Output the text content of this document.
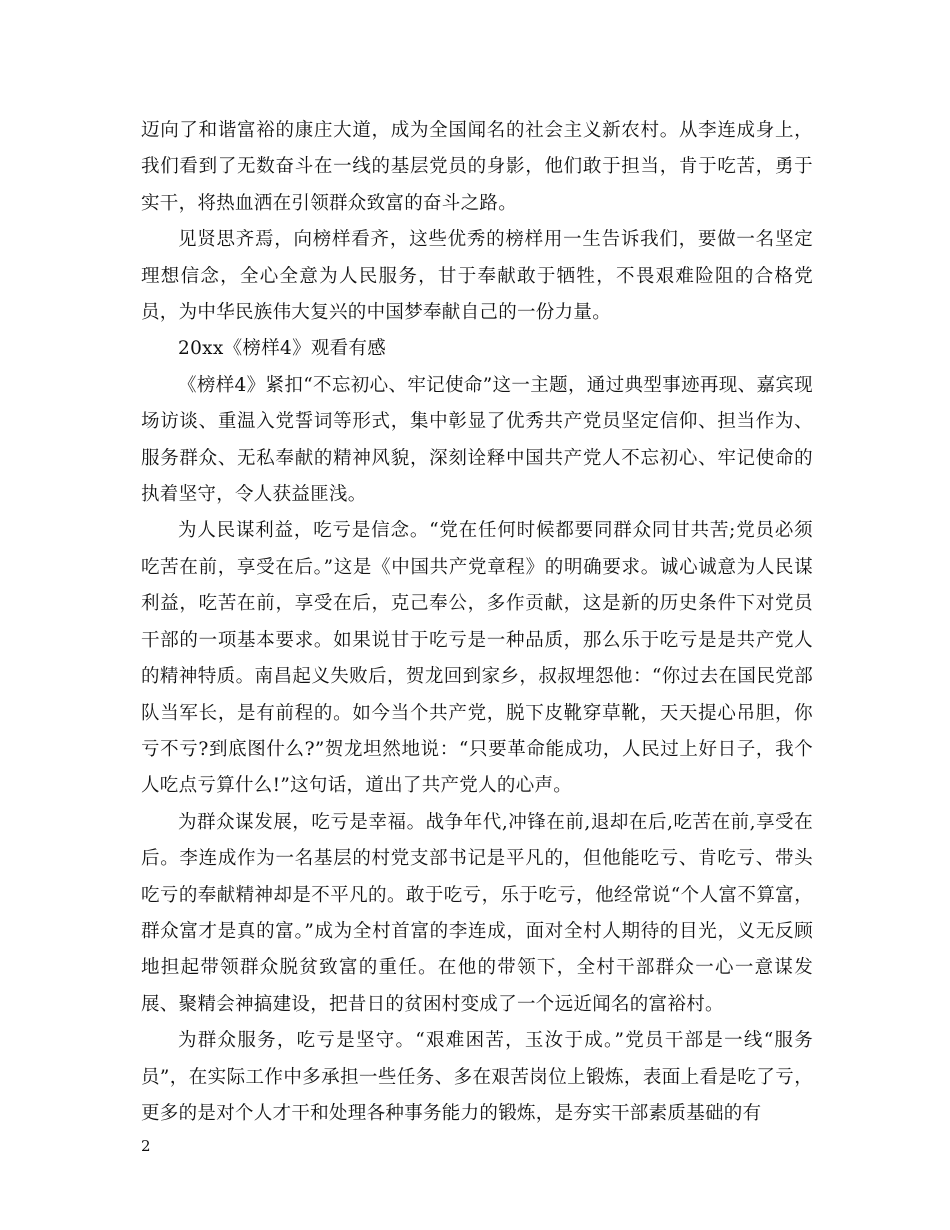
迈向了和谐富裕的康庄大道，成为全国闻名的社会主义新农村。从李连成身上，我们看到了无数奋斗在一线的基层党员的身影，他们敢于担当，肯于吃苦，勇于实干，将热血洒在引领群众致富的奋斗之路。

见贤思齐焉，向榜样看齐，这些优秀的榜样用一生告诉我们，要做一名坚定理想信念，全心全意为人民服务，甘于奉献敢于牺牲，不畏艰难险阻的合格党员，为中华民族伟大复兴的中国梦奉献自己的一份力量。

20xx《榜样4》观看有感

《榜样4》紧扣“不忘初心、牢记使命”这一主题，通过典型事迹再现、嘉宾现场访谈、重温入党誓词等形式，集中彰显了优秀共产党员坚定信仰、担当作为、服务群众、无私奉献的精神风貌，深刻诠释中国共产党人不忘初心、牢记使命的执着坚守，令人获益匪浅。

为人民谋利益，吃亏是信念。“党在任何时候都要同群众同甘共苦;党员必须吃苦在前，享受在后。”这是《中国共产党章程》的明确要求。诚心诚意为人民谋利益，吃苦在前，享受在后，克己奉公，多作贡献，这是新的历史条件下对党员干部的一项基本要求。如果说甘于吃亏是一种品质，那么乐于吃亏是是共产党人的精神特质。南昌起义失败后，贺龙回到家乡，叔叔埋怨他：“你过去在国民党部队当军长，是有前程的。如今当个共产党，脱下皮靴穿草靴，天天提心吊胆，你亏不亏?到底图什么?”贺龙坦然地说：“只要革命能成功，人民过上好日子，我个人吃点亏算什么!”这句话，道出了共产党人的心声。

为群众谋发展，吃亏是幸福。战争年代,冲锋在前,退却在后,吃苦在前,享受在后。李连成作为一名基层的村党支部书记是平凡的，但他能吃亏、肯吃亏、带头吃亏的奉献精神却是不平凡的。敢于吃亏，乐于吃亏，他经常说“个人富不算富，群众富才是真的富。”成为全村首富的李连成，面对全村人期待的目光，义无反顾地担起带领群众脱贫致富的重任。在他的带领下，全村干部群众一心一意谋发展、聚精会神搞建设，把昔日的贫困村变成了一个远近闻名的富裕村。

为群众服务，吃亏是坚守。“艰难困苦，玉汝于成。”党员干部是一线“服务员”，在实际工作中多承担一些任务、多在艰苦岗位上锻炼，表面上看是吃了亏，更多的是对个人才干和处理各种事务能力的锻炼，是夯实干部素质基础的有

2
